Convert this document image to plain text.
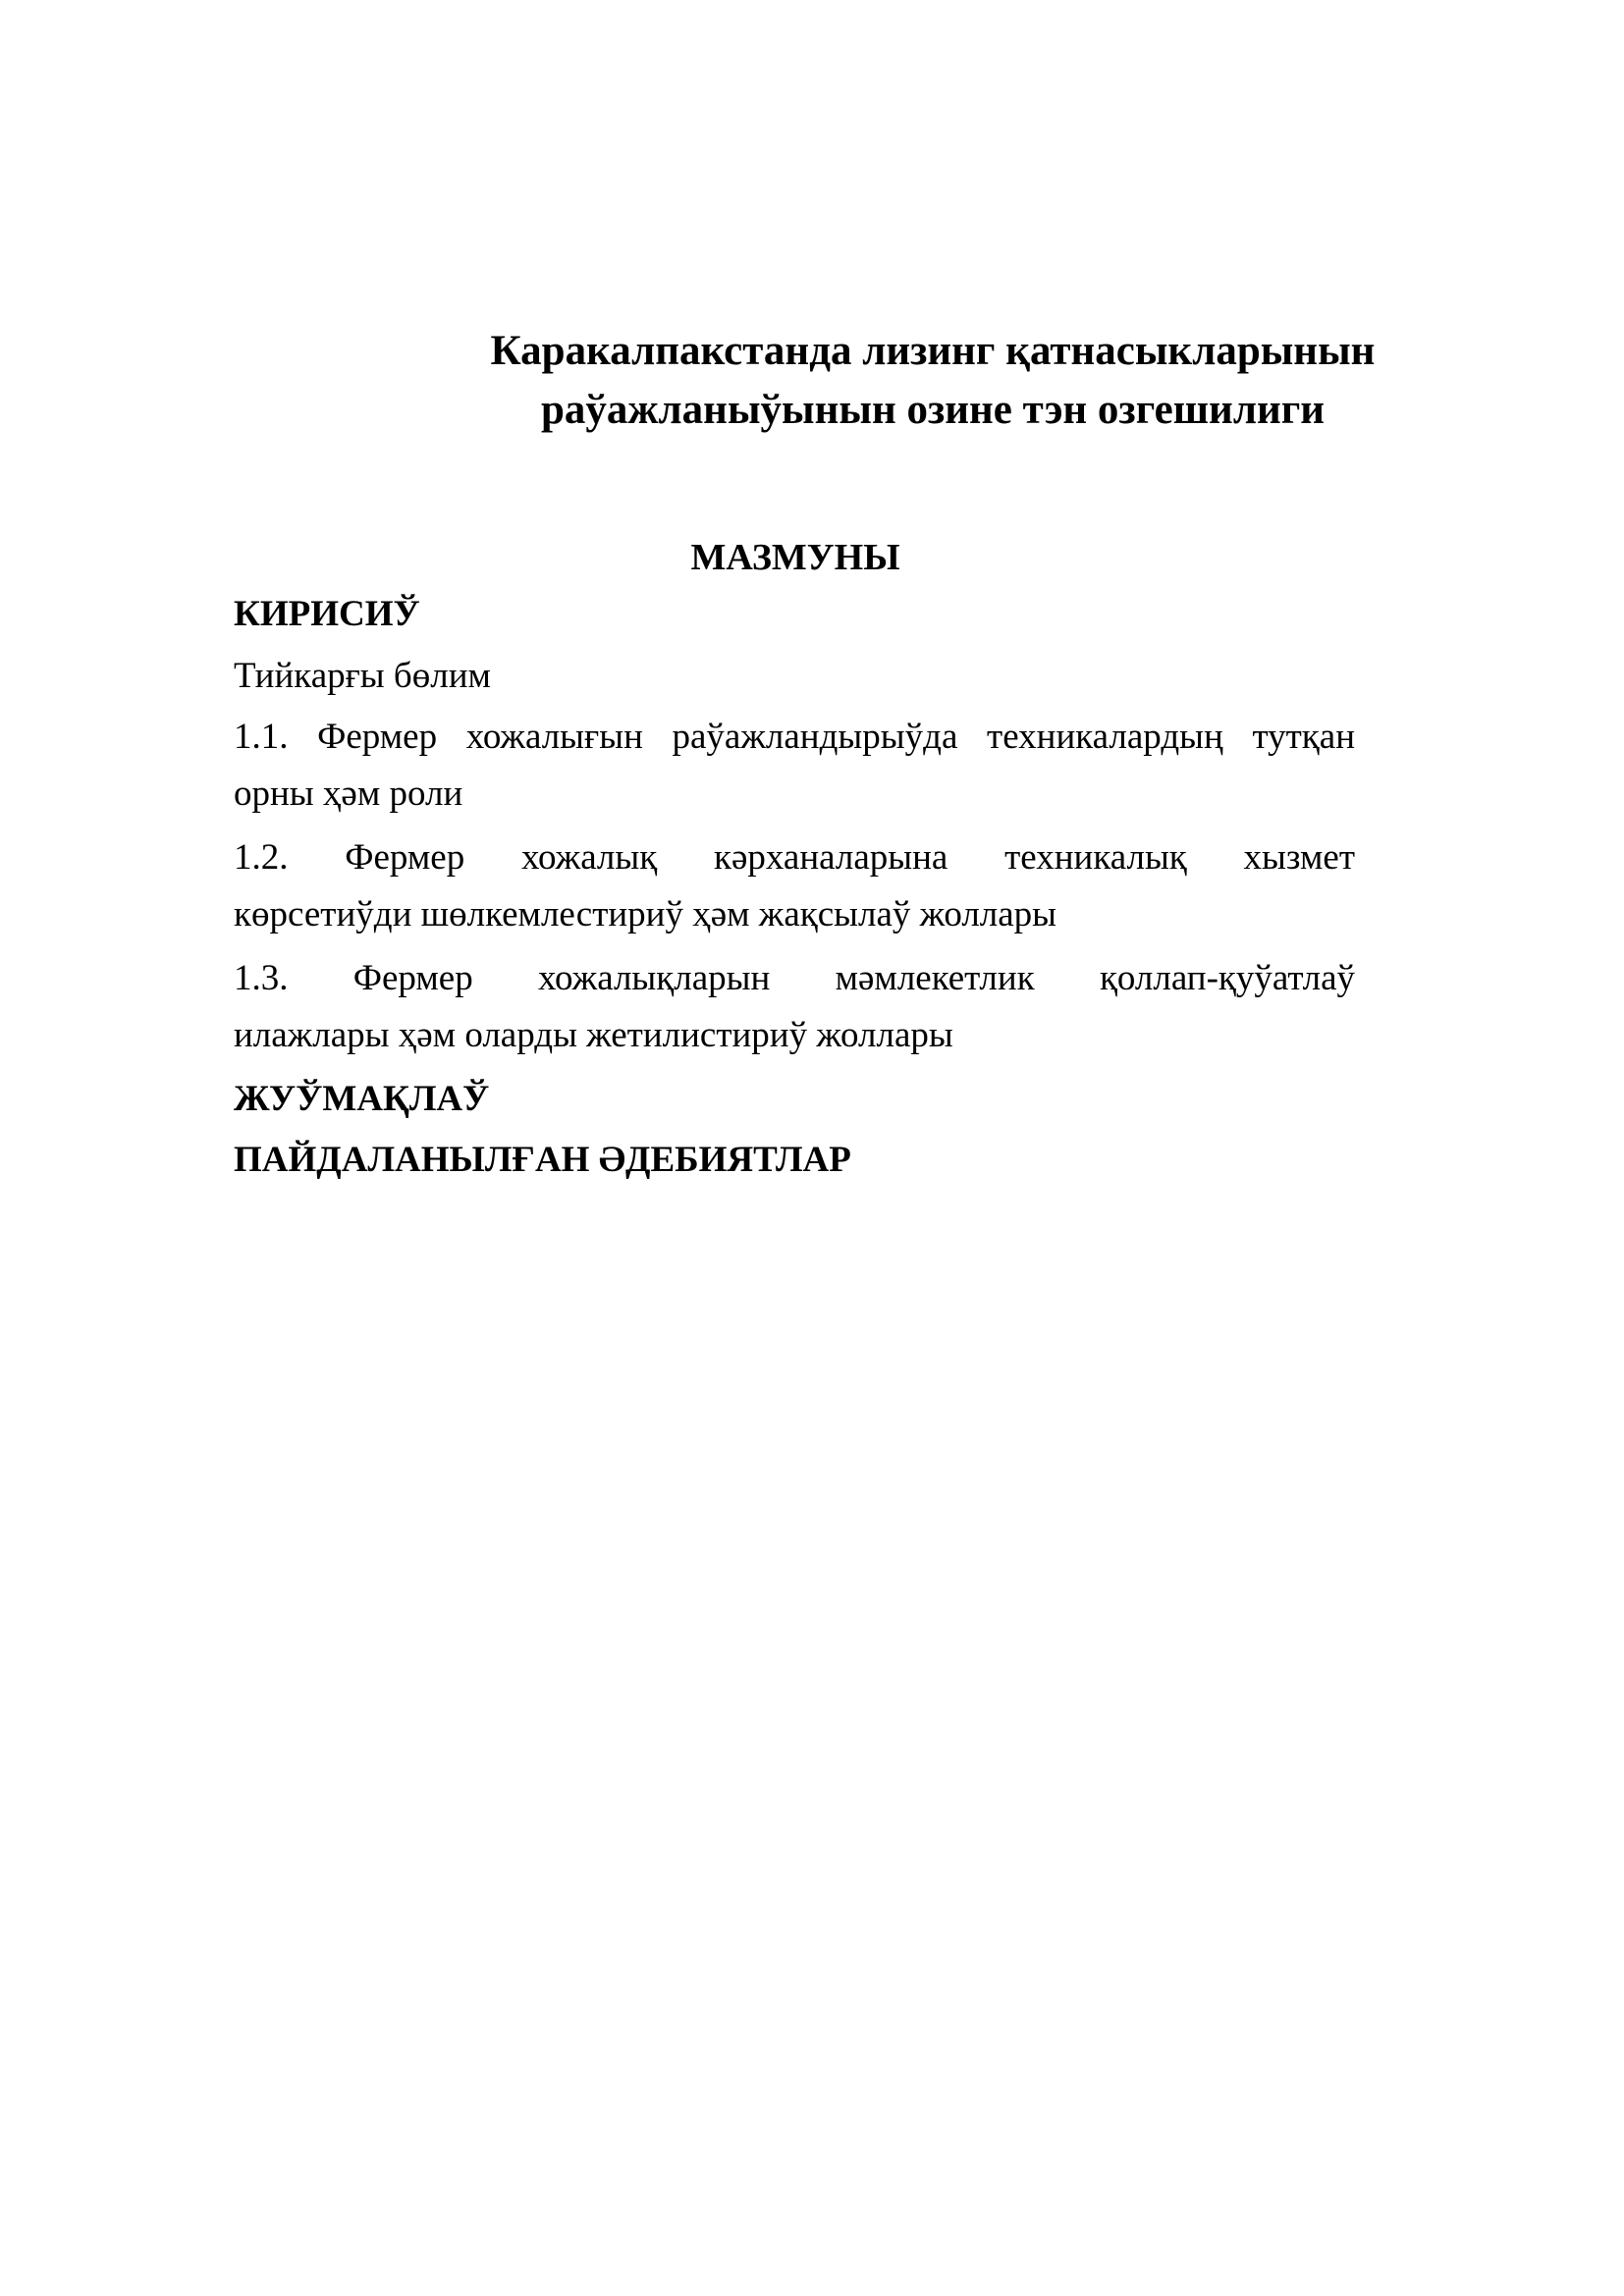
Каракалпакстанда лизинг қатнасыкларынын
раўажланыўынын озине тэн озгешилиги
МАЗМУНЫ
КИРИСИЎ
Тийкарғы бөлим
1.1. Фермер хожалығын раўажландырыўда техникалардың тутқан
орны ҳәм роли
1.2. Фермер хожалық кәрханаларына техникалық хызмет
көрсетиўди шөлкемлестириў ҳәм жақсылаў жоллары
1.3. Фермер хожалықларын мәмлекетлик қоллап-қуўатлаў
илажлары ҳәм оларды жетилистириў жоллары
ЖУЎМАҚЛАЎ
ПАЙДАЛАНЫЛҒАН ӘДЕБИЯТЛАР
